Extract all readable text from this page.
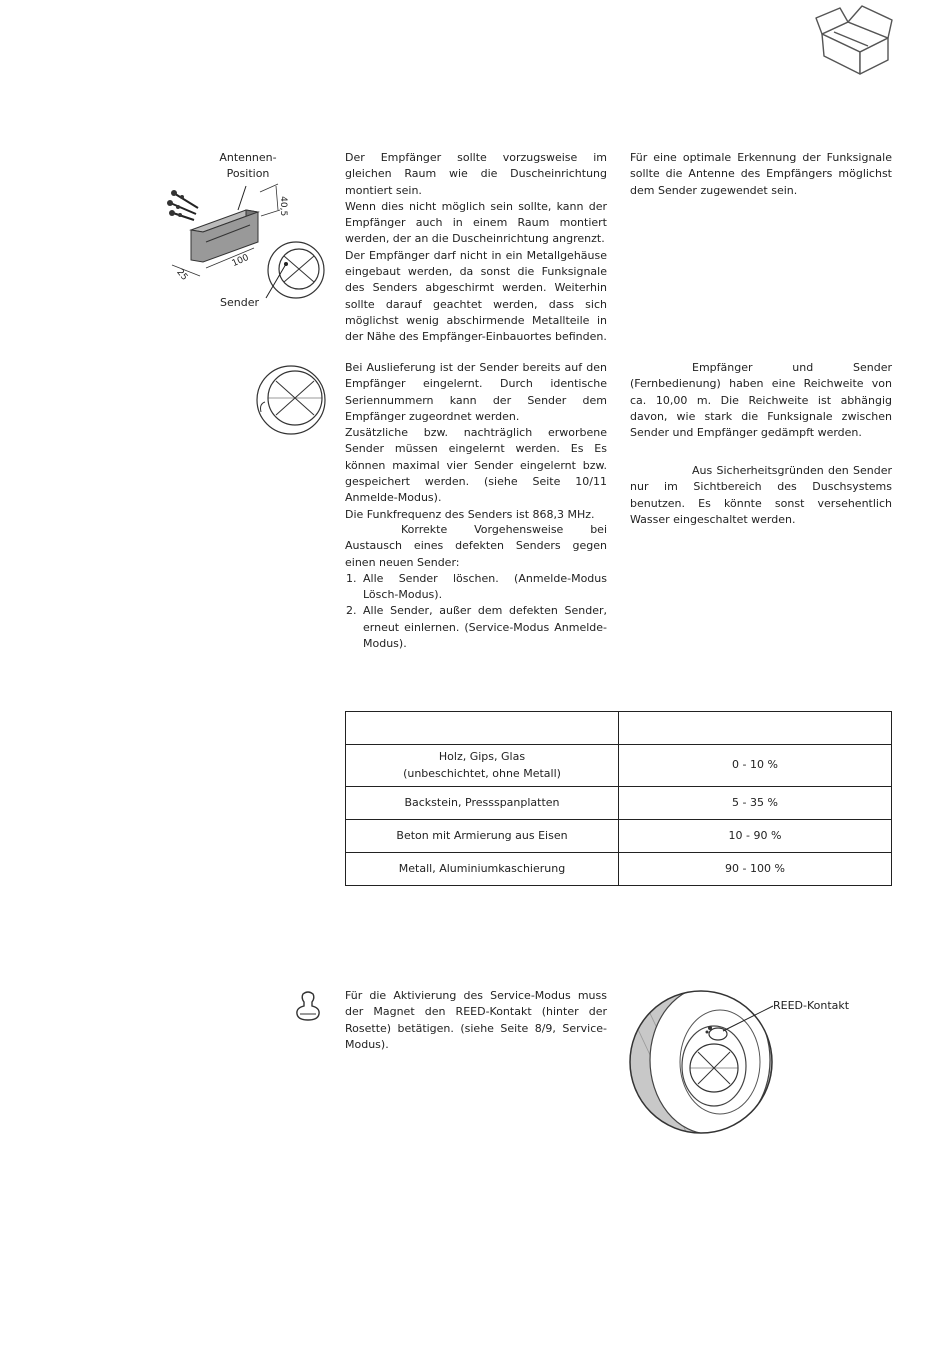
Antennen-
Position
100
40,5
25
Sender

Der Empfänger sollte vorzugsweise im gleichen Raum wie die Duscheinrichtung montiert sein.

Wenn dies nicht möglich sein sollte, kann der Empfänger auch in einem Raum montiert werden, der an die Duscheinrichtung angrenzt.

Der Empfänger darf nicht in ein Metallgehäuse eingebaut werden, da sonst die Funksignale des Senders abgeschirmt werden. Weiterhin sollte darauf geachtet werden, dass sich möglichst wenig abschirmende Metallteile in der Nähe des Empfänger-Einbauortes befinden.

Für eine optimale Erkennung der Funksignale sollte die Antenne des Empfängers möglichst dem Sender zugewendet sein.

Bei Auslieferung ist der Sender bereits auf den Empfänger eingelernt. Durch identische Seriennummern kann der Sender dem Empfänger zugeordnet werden.

Zusätzliche bzw. nachträglich erworbene Sender müssen eingelernt werden. Es Es können maximal vier Sender eingelernt bzw. gespeichert werden. (siehe Seite 10/11 Anmelde-Modus).

Die Funkfrequenz des Senders ist 868,3 MHz.

Korrekte Vorgehensweise bei Austausch eines defekten Senders gegen einen neuen Sender:

1. Alle Sender löschen. (Anmelde-Modus Lösch-Modus).
2. Alle Sender, außer dem defekten Sender, erneut einlernen. (Service-Modus Anmelde-Modus).

Empfänger und Sender (Fernbedienung) haben eine Reichweite von ca. 10,00 m. Die Reichweite ist abhängig davon, wie stark die Funksignale zwischen Sender und Empfänger gedämpft werden.

Aus Sicherheitsgründen den Sender nur im Sichtbereich des Duschsystems benutzen. Es könnte sonst versehentlich Wasser eingeschaltet werden.

Holz, Gips, Glas
(unbeschichtet, ohne Metall)	0 - 10 %
Backstein, Pressspanplatten	5 - 35 %
Beton mit Armierung aus Eisen	10 - 90 %
Metall, Aluminiumkaschierung	90 - 100 %

Für die Aktivierung des Service-Modus muss der Magnet den REED-Kontakt (hinter der Rosette) betätigen. (siehe Seite 8/9, Service-Modus).

REED-Kontakt
